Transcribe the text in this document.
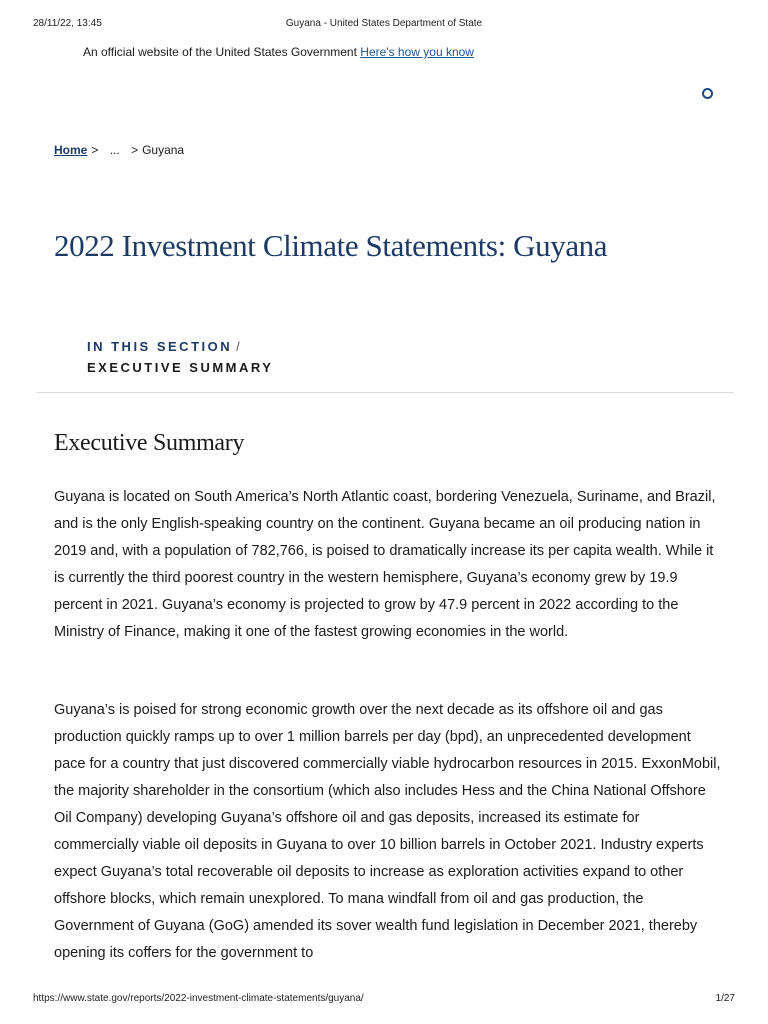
28/11/22, 13:45	Guyana - United States Department of State
An official website of the United States Government Here's how you know
Home > ... > Guyana
2022 Investment Climate Statements: Guyana
IN THIS SECTION /
EXECUTIVE SUMMARY
Executive Summary

Guyana is located on South America’s North Atlantic coast, bordering Venezuela, Suriname, and Brazil, and is the only English-speaking country on the continent. Guyana became an oil producing nation in 2019 and, with a population of 782,766, is poised to dramatically increase its per capita wealth. While it is currently the third poorest country in the western hemisphere, Guyana’s economy grew by 19.9 percent in 2021. Guyana’s economy is projected to grow by 47.9 percent in 2022 according to the Ministry of Finance, making it one of the fastest growing economies in the world.

Guyana’s is poised for strong economic growth over the next decade as its offshore oil and gas production quickly ramps up to over 1 million barrels per day (bpd), an unprecedented development pace for a country that just discovered commercially viable hydrocarbon resources in 2015. ExxonMobil, the majority shareholder in the consortium (which also includes Hess and the China National Offshore Oil Company) developing Guyana’s offshore oil and gas deposits, increased its estimate for commercially viable oil deposits in Guyana to over 10 billion barrels in October 2021. Industry experts expect Guyana’s total recoverable oil deposits to increase as exploration activities expand to other offshore blocks, which remain unexplored. To mana windfall from oil and gas production, the Government of Guyana (GoG) amended its sover wealth fund legislation in December 2021, thereby opening its coffers for the government to

https://www.state.gov/reports/2022-investment-climate-statements/guyana/	1/27
